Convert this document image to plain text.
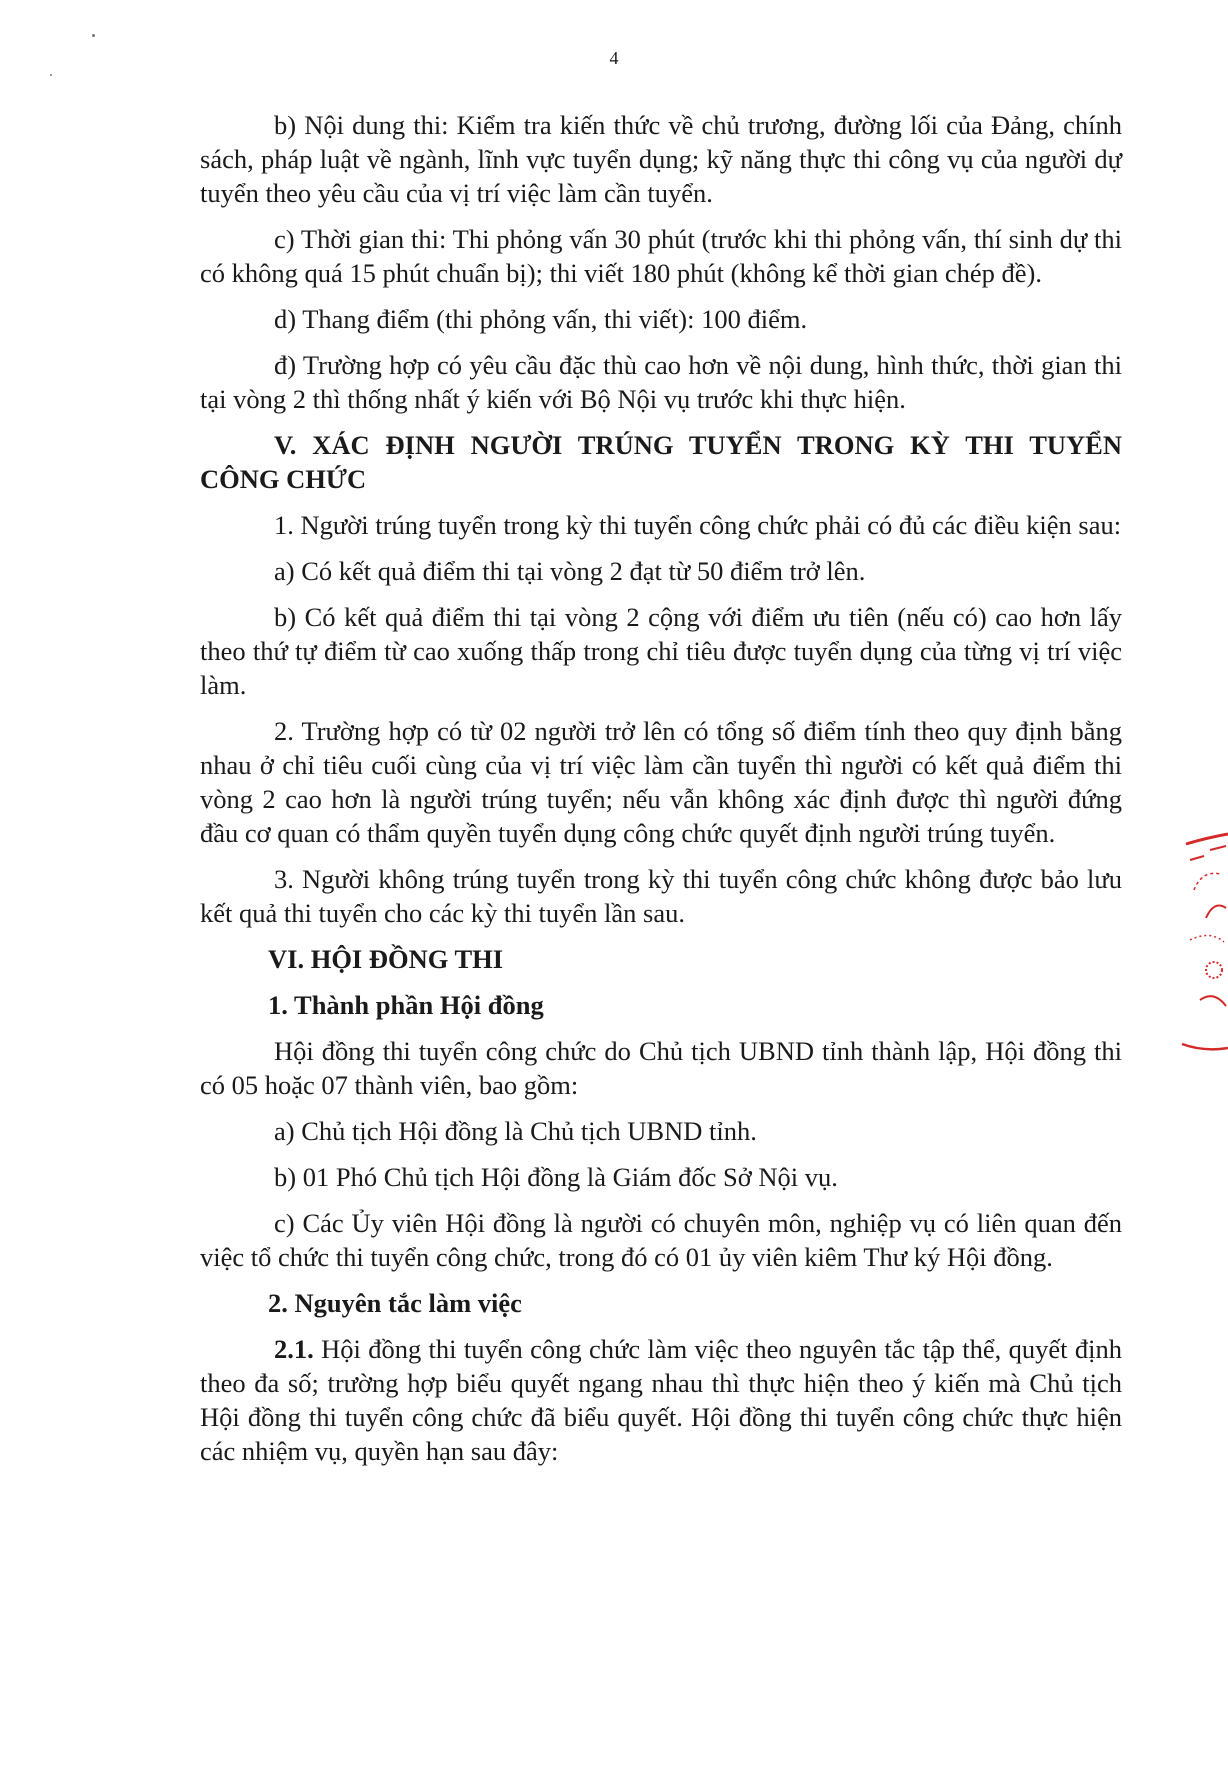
4

b) Nội dung thi: Kiểm tra kiến thức về chủ trương, đường lối của Đảng, chính sách, pháp luật về ngành, lĩnh vực tuyển dụng; kỹ năng thực thi công vụ của người dự tuyển theo yêu cầu của vị trí việc làm cần tuyển.

c) Thời gian thi: Thi phỏng vấn 30 phút (trước khi thi phỏng vấn, thí sinh dự thi có không quá 15 phút chuẩn bị); thi viết 180 phút (không kể thời gian chép đề).

d) Thang điểm (thi phỏng vấn, thi viết): 100 điểm.

đ) Trường hợp có yêu cầu đặc thù cao hơn về nội dung, hình thức, thời gian thi tại vòng 2 thì thống nhất ý kiến với Bộ Nội vụ trước khi thực hiện.

V. XÁC ĐỊNH NGƯỜI TRÚNG TUYỂN TRONG KỲ THI TUYỂN CÔNG CHỨC

1. Người trúng tuyển trong kỳ thi tuyển công chức phải có đủ các điều kiện sau:

a) Có kết quả điểm thi tại vòng 2 đạt từ 50 điểm trở lên.

b) Có kết quả điểm thi tại vòng 2 cộng với điểm ưu tiên (nếu có) cao hơn lấy theo thứ tự điểm từ cao xuống thấp trong chỉ tiêu được tuyển dụng của từng vị trí việc làm.

2. Trường hợp có từ 02 người trở lên có tổng số điểm tính theo quy định bằng nhau ở chỉ tiêu cuối cùng của vị trí việc làm cần tuyển thì người có kết quả điểm thi vòng 2 cao hơn là người trúng tuyển; nếu vẫn không xác định được thì người đứng đầu cơ quan có thẩm quyền tuyển dụng công chức quyết định người trúng tuyển.

3. Người không trúng tuyển trong kỳ thi tuyển công chức không được bảo lưu kết quả thi tuyển cho các kỳ thi tuyển lần sau.

VI. HỘI ĐỒNG THI

1. Thành phần Hội đồng

Hội đồng thi tuyển công chức do Chủ tịch UBND tỉnh thành lập, Hội đồng thi có 05 hoặc 07 thành viên, bao gồm:

a) Chủ tịch Hội đồng là Chủ tịch UBND tỉnh.

b) 01 Phó Chủ tịch Hội đồng là Giám đốc Sở Nội vụ.

c) Các Ủy viên Hội đồng là người có chuyên môn, nghiệp vụ có liên quan đến việc tổ chức thi tuyển công chức, trong đó có 01 ủy viên kiêm Thư ký Hội đồng.

2. Nguyên tắc làm việc

2.1. Hội đồng thi tuyển công chức làm việc theo nguyên tắc tập thể, quyết định theo đa số; trường hợp biểu quyết ngang nhau thì thực hiện theo ý kiến mà Chủ tịch Hội đồng thi tuyển công chức đã biểu quyết. Hội đồng thi tuyển công chức thực hiện các nhiệm vụ, quyền hạn sau đây:
